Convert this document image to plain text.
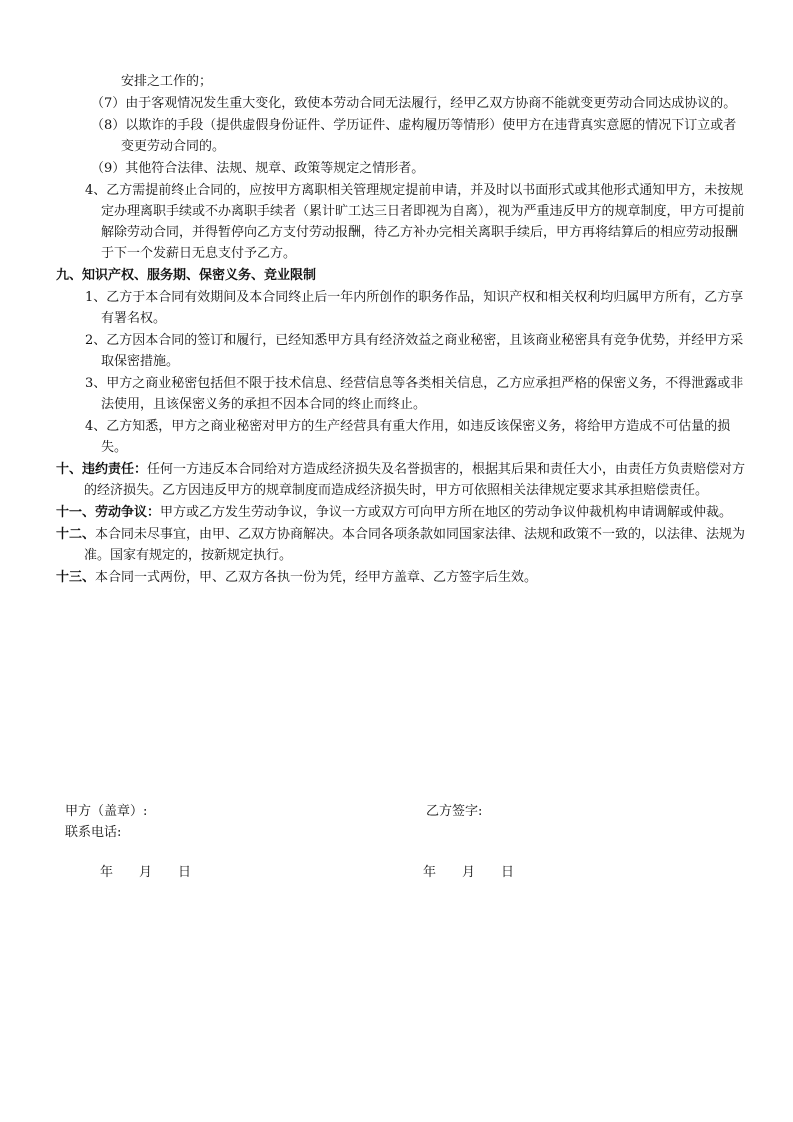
安排之工作的；
（7）由于客观情况发生重大变化，致使本劳动合同无法履行，经甲乙双方协商不能就变更劳动合同达成协议的。
（8）以欺诈的手段（提供虚假身份证件、学历证件、虚构履历等情形）使甲方在违背真实意愿的情况下订立或者变更劳动合同的。
（9）其他符合法律、法规、规章、政策等规定之情形者。
4、乙方需提前终止合同的，应按甲方离职相关管理规定提前申请，并及时以书面形式或其他形式通知甲方，未按规定办理离职手续或不办离职手续者（累计旷工达三日者即视为自离），视为严重违反甲方的规章制度，甲方可提前解除劳动合同，并得暂停向乙方支付劳动报酬，待乙方补办完相关离职手续后，甲方再将结算后的相应劳动报酬于下一个发薪日无息支付予乙方。
九、知识产权、服务期、保密义务、竞业限制
1、乙方于本合同有效期间及本合同终止后一年内所创作的职务作品，知识产权和相关权利均归属甲方所有，乙方享有署名权。
2、乙方因本合同的签订和履行，已经知悉甲方具有经济效益之商业秘密，且该商业秘密具有竞争优势，并经甲方采取保密措施。
3、甲方之商业秘密包括但不限于技术信息、经营信息等各类相关信息，乙方应承担严格的保密义务，不得泄露或非法使用，且该保密义务的承担不因本合同的终止而终止。
4、乙方知悉，甲方之商业秘密对甲方的生产经营具有重大作用，如违反该保密义务，将给甲方造成不可估量的损失。
十、违约责任：任何一方违反本合同给对方造成经济损失及名誉损害的，根据其后果和责任大小，由责任方负责赔偿对方的经济损失。乙方因违反甲方的规章制度而造成经济损失时，甲方可依照相关法律规定要求其承担赔偿责任。
十一、劳动争议：甲方或乙方发生劳动争议，争议一方或双方可向甲方所在地区的劳动争议仲裁机构申请调解或仲裁。
十二、本合同未尽事宜，由甲、乙双方协商解决。本合同各项条款如同国家法律、法规和政策不一致的，以法律、法规为准。国家有规定的，按新规定执行。
十三、本合同一式两份，甲、乙双方各执一份为凭，经甲方盖章、乙方签字后生效。
甲方（盖章）:	乙方签字:
联系电话:
年　　月　　日	年　　月　　日
